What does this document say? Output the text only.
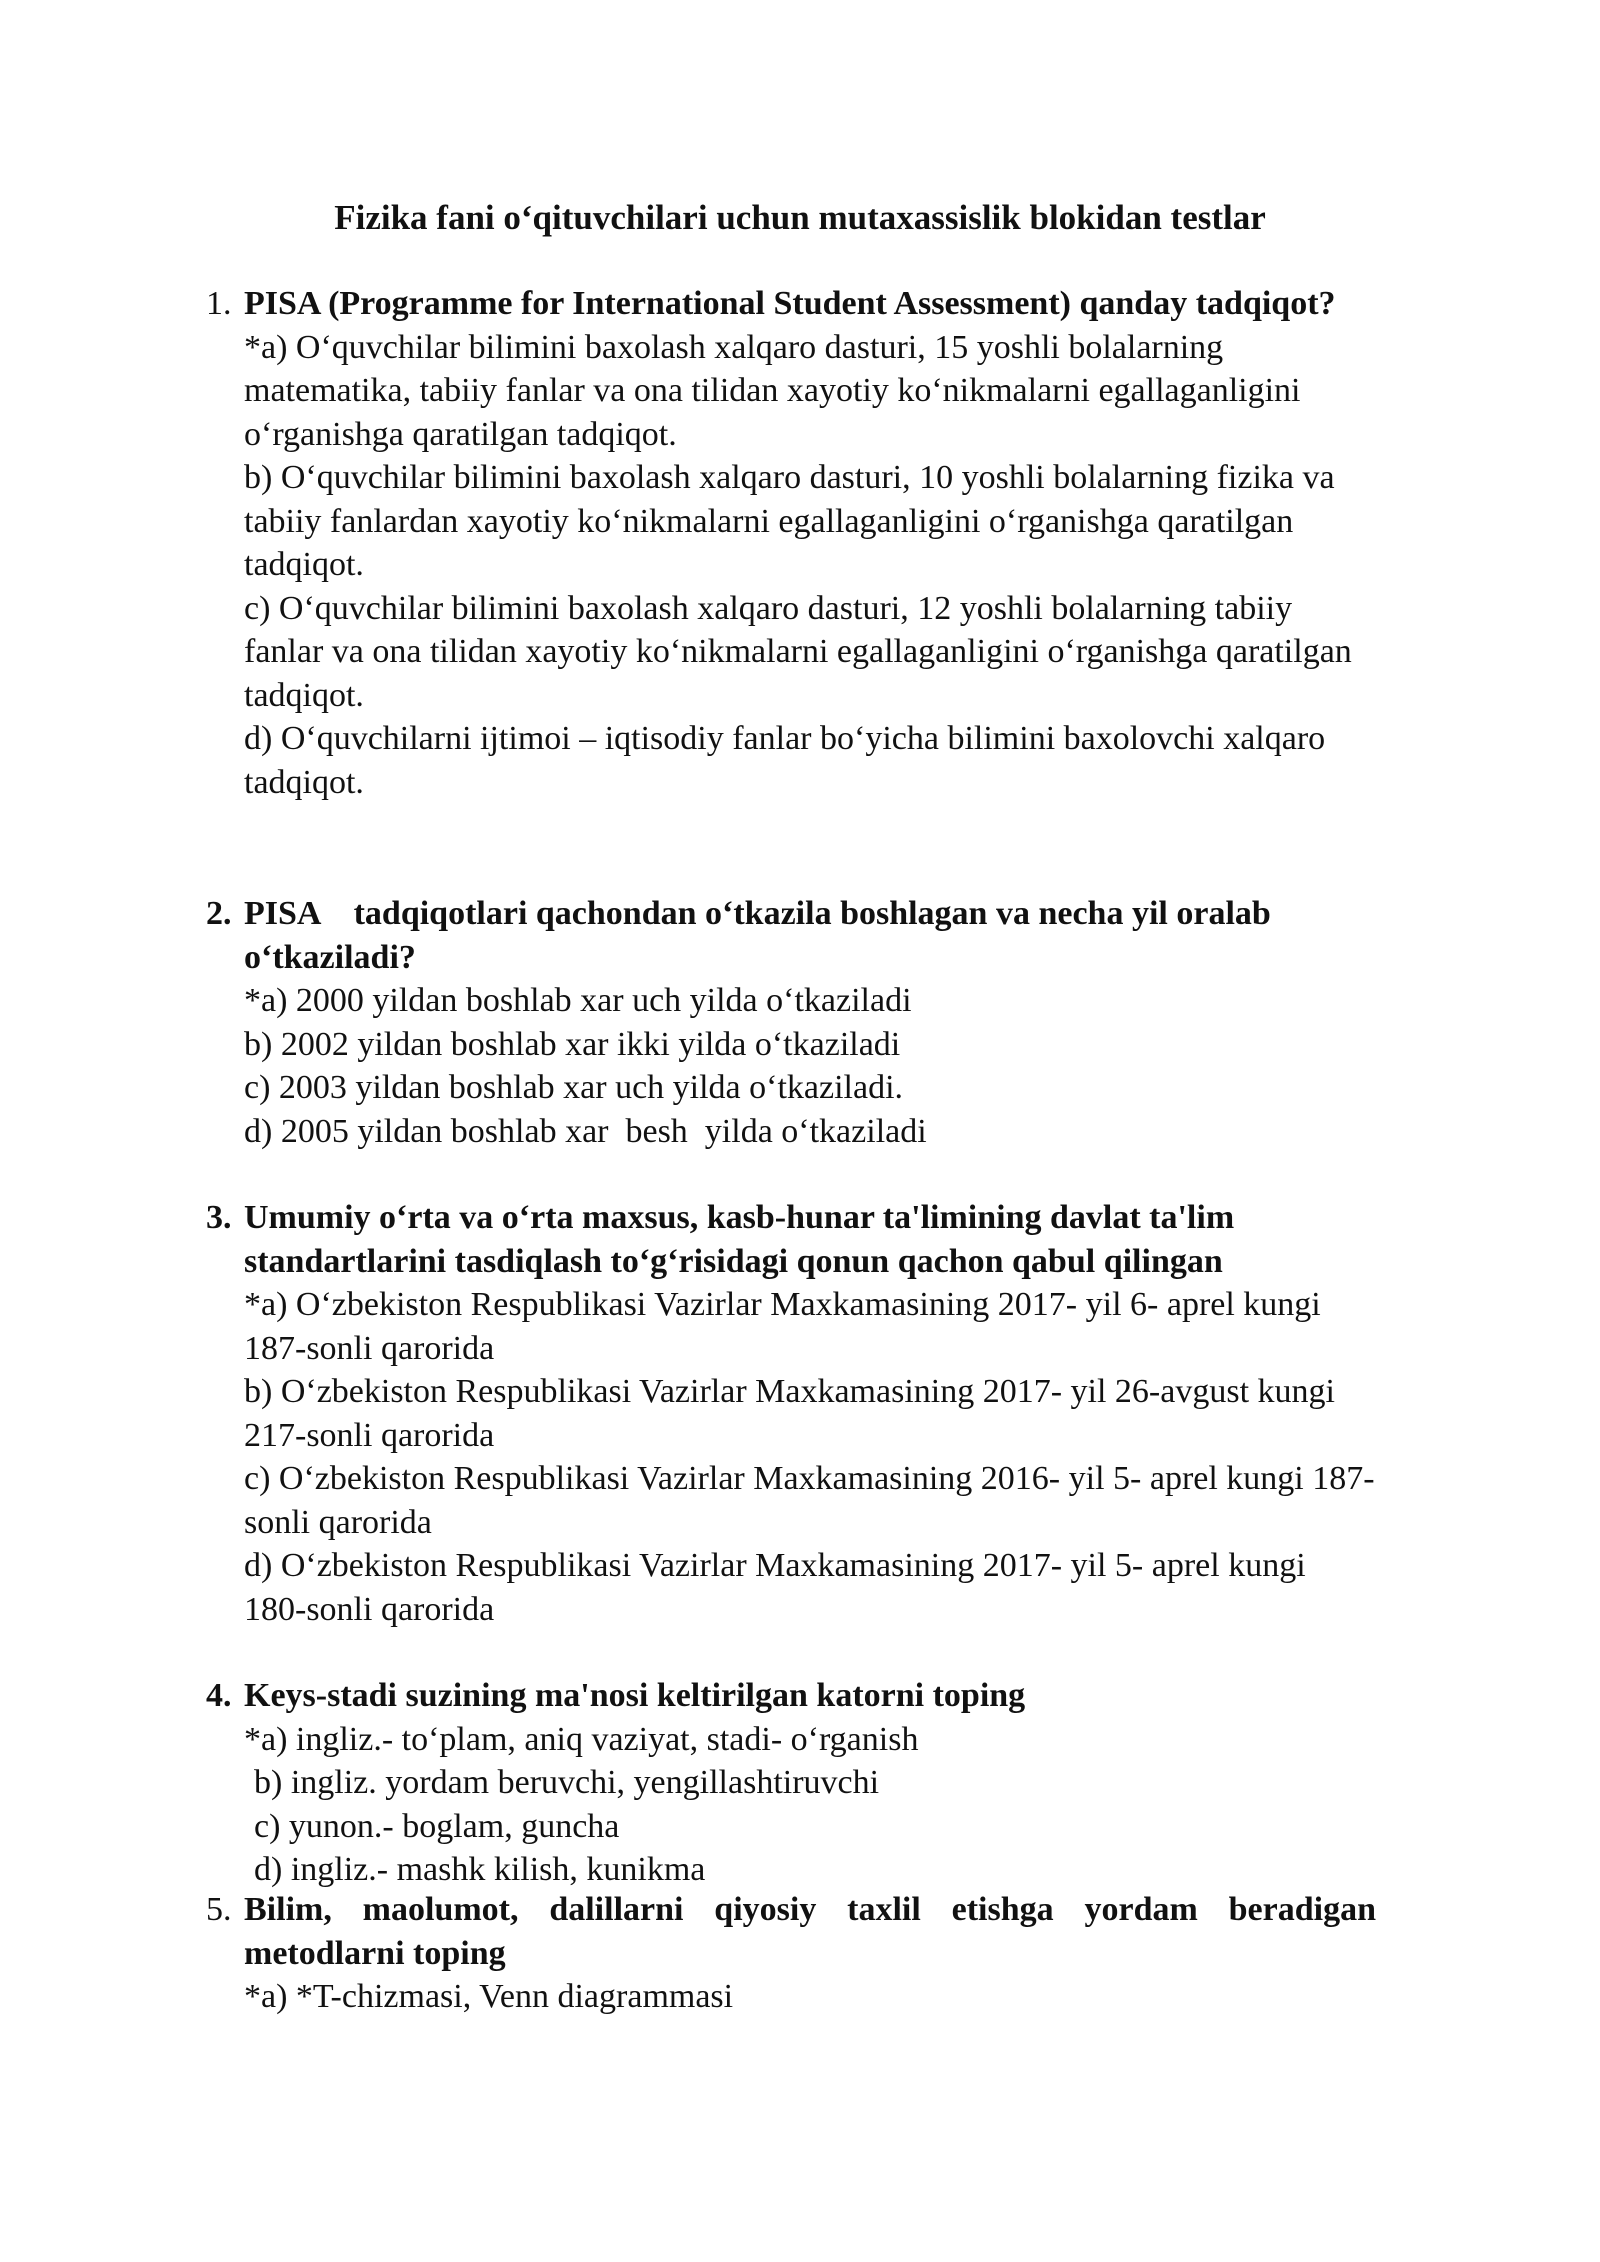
Fizika fani o‘qituvchilari uchun mutaxassislik blokidan testlar
1. PISA (Programme for International Student Assessment) qanday tadqiqot?
*a) O‘quvchilar bilimini baxolash xalqaro dasturi, 15 yoshli bolalarning matematika, tabiiy fanlar va ona tilidan xayotiy ko‘nikmalarni egallaganligini o‘rganishga qaratilgan tadqiqot.
b) O‘quvchilar bilimini baxolash xalqaro dasturi, 10 yoshli bolalarning fizika va tabiiy fanlardan xayotiy ko‘nikmalarni egallaganligini o‘rganishga qaratilgan tadqiqot.
c) O‘quvchilar bilimini baxolash xalqaro dasturi, 12 yoshli bolalarning tabiiy fanlar va ona tilidan xayotiy ko‘nikmalarni egallaganligini o‘rganishga qaratilgan tadqiqot.
d) O‘quvchilarni ijtimoi – iqtisodiy fanlar bo‘yicha bilimini baxolovchi xalqaro tadqiqot.
2. PISA    tadqiqotlari qachondan o‘tkazila boshlagan va necha yil oralab o‘tkaziladi?
*a) 2000 yildan boshlab xar uch yilda o‘tkaziladi
b) 2002 yildan boshlab xar ikki yilda o‘tkaziladi
c) 2003 yildan boshlab xar uch yilda o‘tkaziladi.
d) 2005 yildan boshlab xar  besh  yilda o‘tkaziladi
3. Umumiy o‘rta va o‘rta maxsus, kasb-hunar ta'limining davlat ta'lim standartlarini tasdiqlash to‘g‘risidagi qonun qachon qabul qilingan
*a) O‘zbekiston Respublikasi Vazirlar Maxkamasining 2017- yil 6- aprel kungi 187-sonli qarorida
b) O‘zbekiston Respublikasi Vazirlar Maxkamasining 2017- yil 26-avgust kungi 217-sonli qarorida
c) O‘zbekiston Respublikasi Vazirlar Maxkamasining 2016- yil 5- aprel kungi 187-sonli qarorida
d) O‘zbekiston Respublikasi Vazirlar Maxkamasining 2017- yil 5- aprel kungi 180-sonli qarorida
4. Keys-stadi suzining ma'nosi keltirilgan katorni toping
*a) ingliz.- to‘plam, aniq vaziyat, stadi- o‘rganish
b) ingliz. yordam beruvchi, yengillashtiruvchi
c) yunon.- boglam, guncha
d) ingliz.- mashk kilish, kunikma
5. Bilim, maolumot, dalillarni qiyosiy taxlil etishga yordam beradigan metodlarni toping
*a) *T-chizmasi, Venn diagrammasi
